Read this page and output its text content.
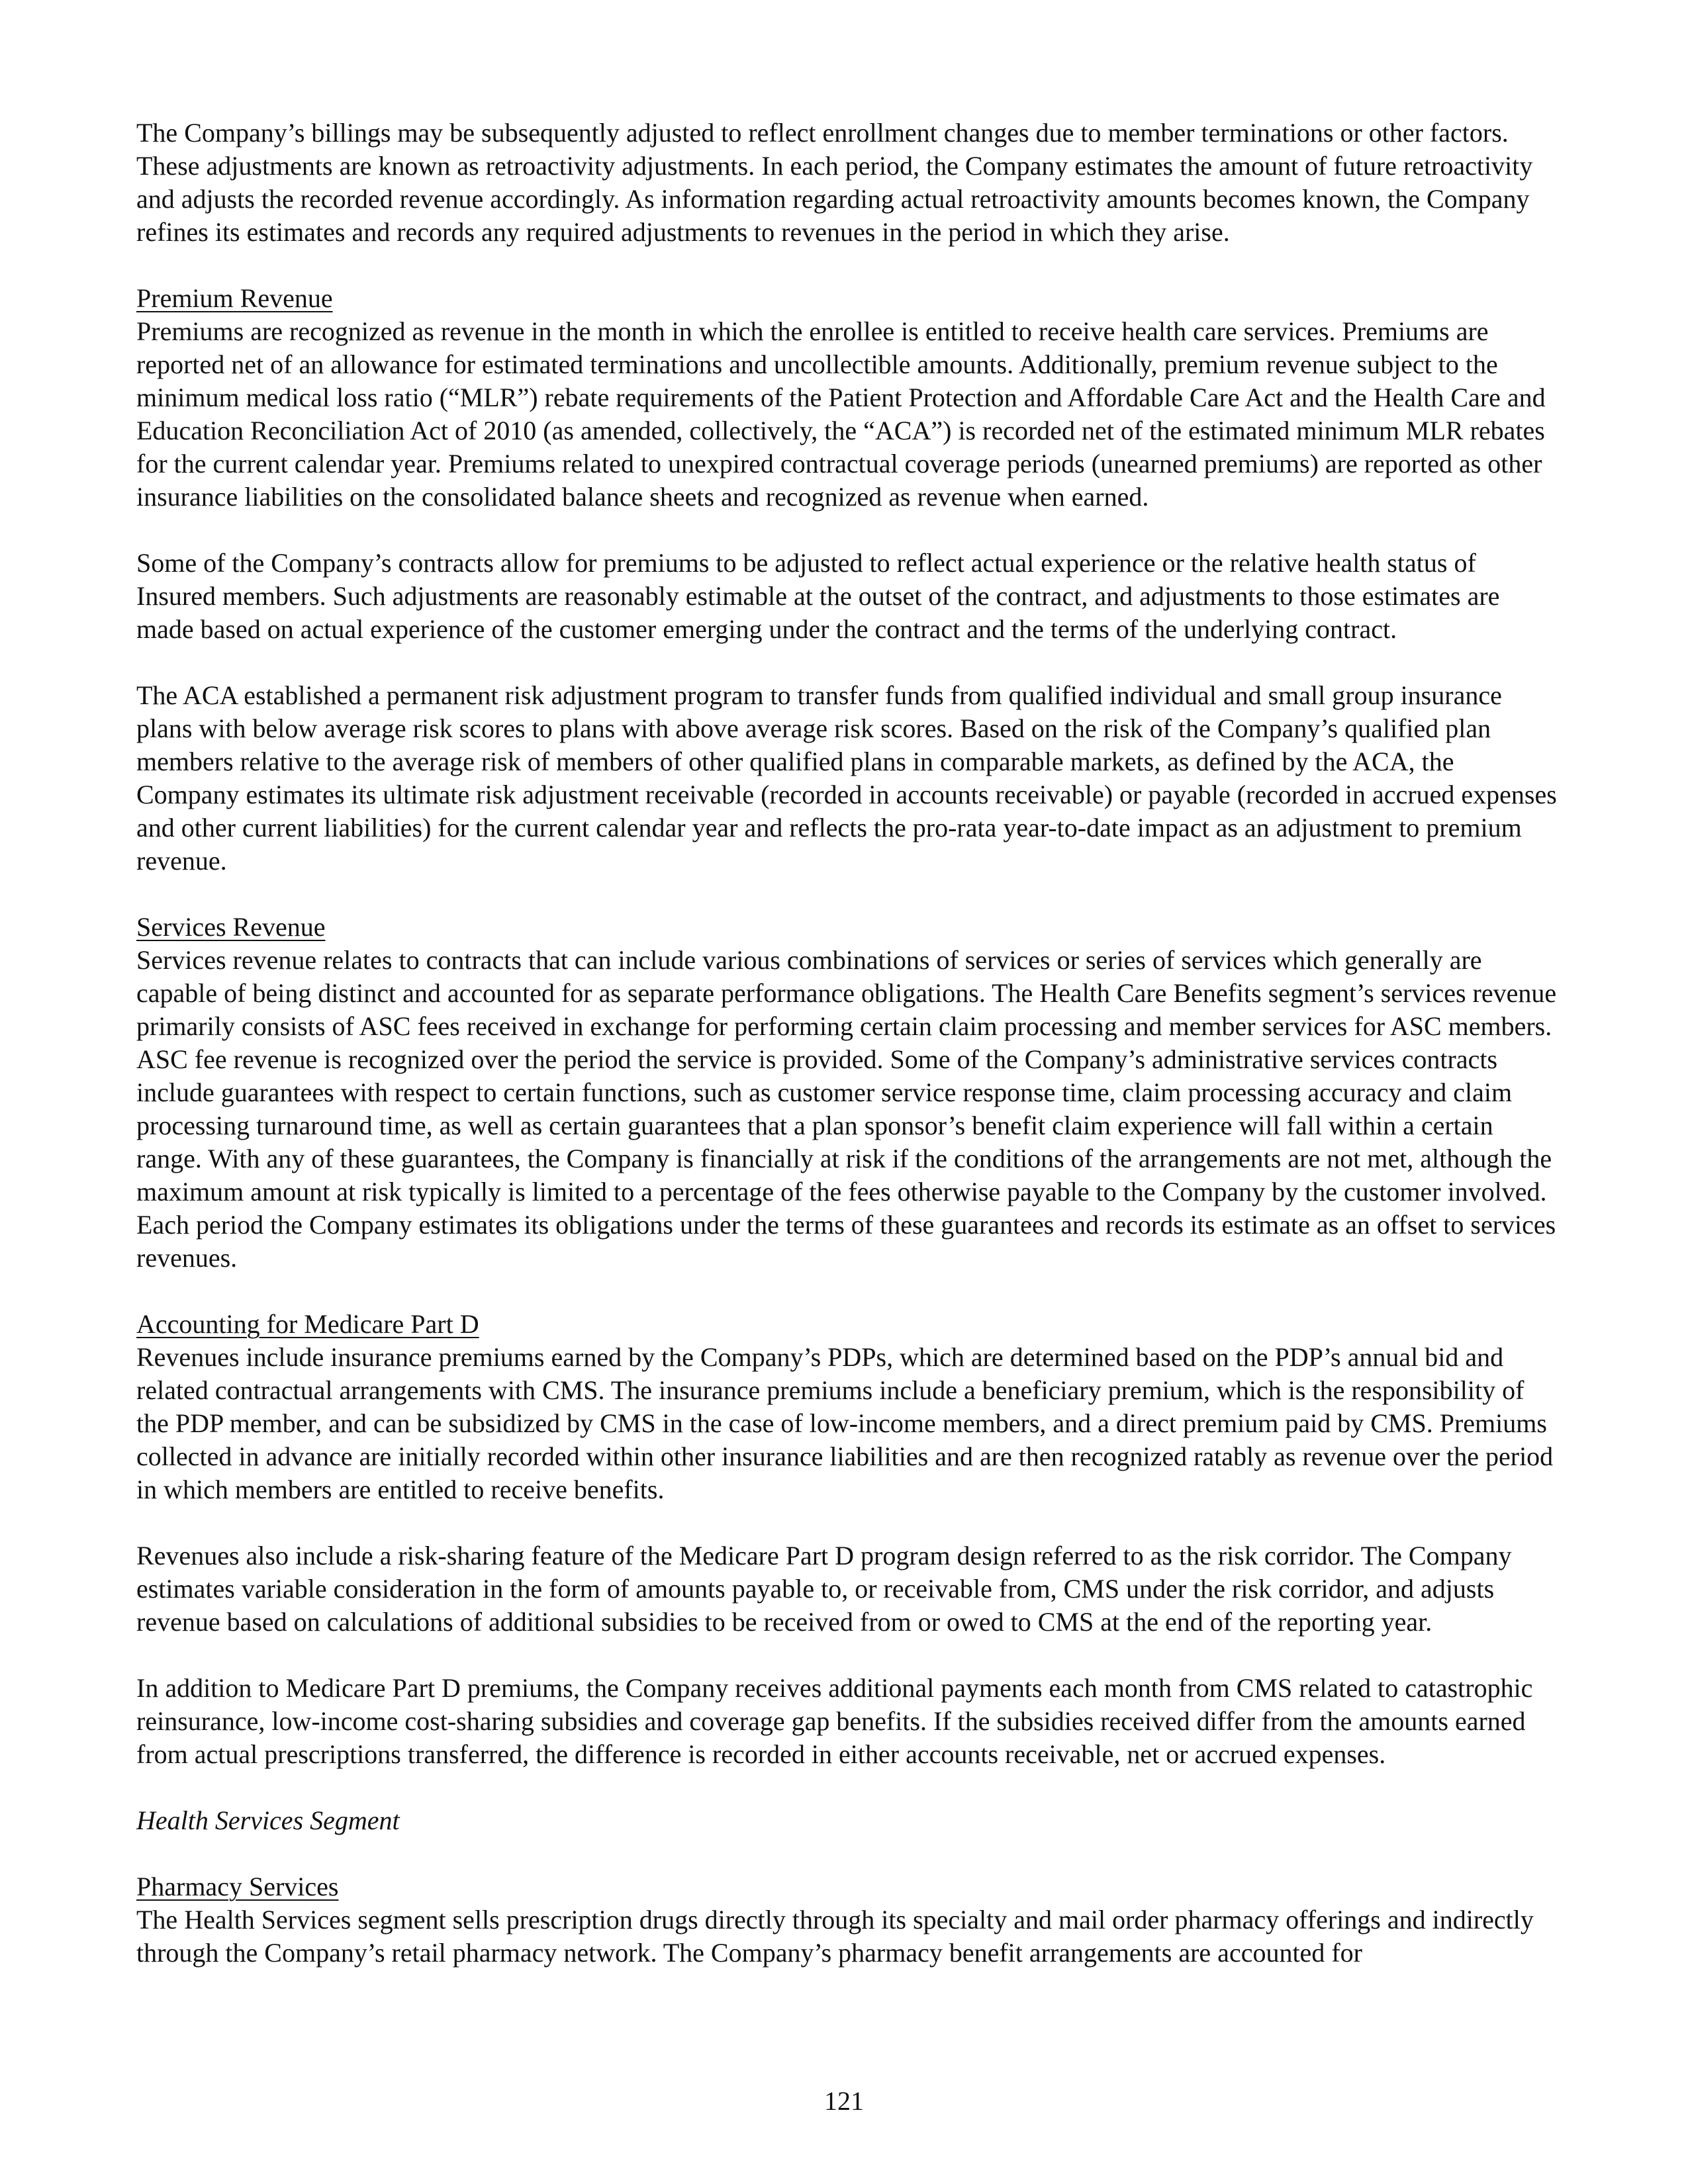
The Company’s billings may be subsequently adjusted to reflect enrollment changes due to member terminations or other factors. These adjustments are known as retroactivity adjustments. In each period, the Company estimates the amount of future retroactivity and adjusts the recorded revenue accordingly. As information regarding actual retroactivity amounts becomes known, the Company refines its estimates and records any required adjustments to revenues in the period in which they arise.

Premium Revenue

Premiums are recognized as revenue in the month in which the enrollee is entitled to receive health care services. Premiums are reported net of an allowance for estimated terminations and uncollectible amounts. Additionally, premium revenue subject to the minimum medical loss ratio (“MLR”) rebate requirements of the Patient Protection and Affordable Care Act and the Health Care and Education Reconciliation Act of 2010 (as amended, collectively, the “ACA”) is recorded net of the estimated minimum MLR rebates for the current calendar year. Premiums related to unexpired contractual coverage periods (unearned premiums) are reported as other insurance liabilities on the consolidated balance sheets and recognized as revenue when earned.

Some of the Company’s contracts allow for premiums to be adjusted to reflect actual experience or the relative health status of Insured members. Such adjustments are reasonably estimable at the outset of the contract, and adjustments to those estimates are made based on actual experience of the customer emerging under the contract and the terms of the underlying contract.

The ACA established a permanent risk adjustment program to transfer funds from qualified individual and small group insurance plans with below average risk scores to plans with above average risk scores. Based on the risk of the Company’s qualified plan members relative to the average risk of members of other qualified plans in comparable markets, as defined by the ACA, the Company estimates its ultimate risk adjustment receivable (recorded in accounts receivable) or payable (recorded in accrued expenses and other current liabilities) for the current calendar year and reflects the pro-rata year-to-date impact as an adjustment to premium revenue.

Services Revenue

Services revenue relates to contracts that can include various combinations of services or series of services which generally are capable of being distinct and accounted for as separate performance obligations. The Health Care Benefits segment’s services revenue primarily consists of ASC fees received in exchange for performing certain claim processing and member services for ASC members. ASC fee revenue is recognized over the period the service is provided. Some of the Company’s administrative services contracts include guarantees with respect to certain functions, such as customer service response time, claim processing accuracy and claim processing turnaround time, as well as certain guarantees that a plan sponsor’s benefit claim experience will fall within a certain range. With any of these guarantees, the Company is financially at risk if the conditions of the arrangements are not met, although the maximum amount at risk typically is limited to a percentage of the fees otherwise payable to the Company by the customer involved. Each period the Company estimates its obligations under the terms of these guarantees and records its estimate as an offset to services revenues.

Accounting for Medicare Part D

Revenues include insurance premiums earned by the Company’s PDPs, which are determined based on the PDP’s annual bid and related contractual arrangements with CMS. The insurance premiums include a beneficiary premium, which is the responsibility of the PDP member, and can be subsidized by CMS in the case of low-income members, and a direct premium paid by CMS. Premiums collected in advance are initially recorded within other insurance liabilities and are then recognized ratably as revenue over the period in which members are entitled to receive benefits.

Revenues also include a risk-sharing feature of the Medicare Part D program design referred to as the risk corridor. The Company estimates variable consideration in the form of amounts payable to, or receivable from, CMS under the risk corridor, and adjusts revenue based on calculations of additional subsidies to be received from or owed to CMS at the end of the reporting year.

In addition to Medicare Part D premiums, the Company receives additional payments each month from CMS related to catastrophic reinsurance, low-income cost-sharing subsidies and coverage gap benefits. If the subsidies received differ from the amounts earned from actual prescriptions transferred, the difference is recorded in either accounts receivable, net or accrued expenses.

Health Services Segment

Pharmacy Services

The Health Services segment sells prescription drugs directly through its specialty and mail order pharmacy offerings and indirectly through the Company’s retail pharmacy network. The Company’s pharmacy benefit arrangements are accounted for

121
